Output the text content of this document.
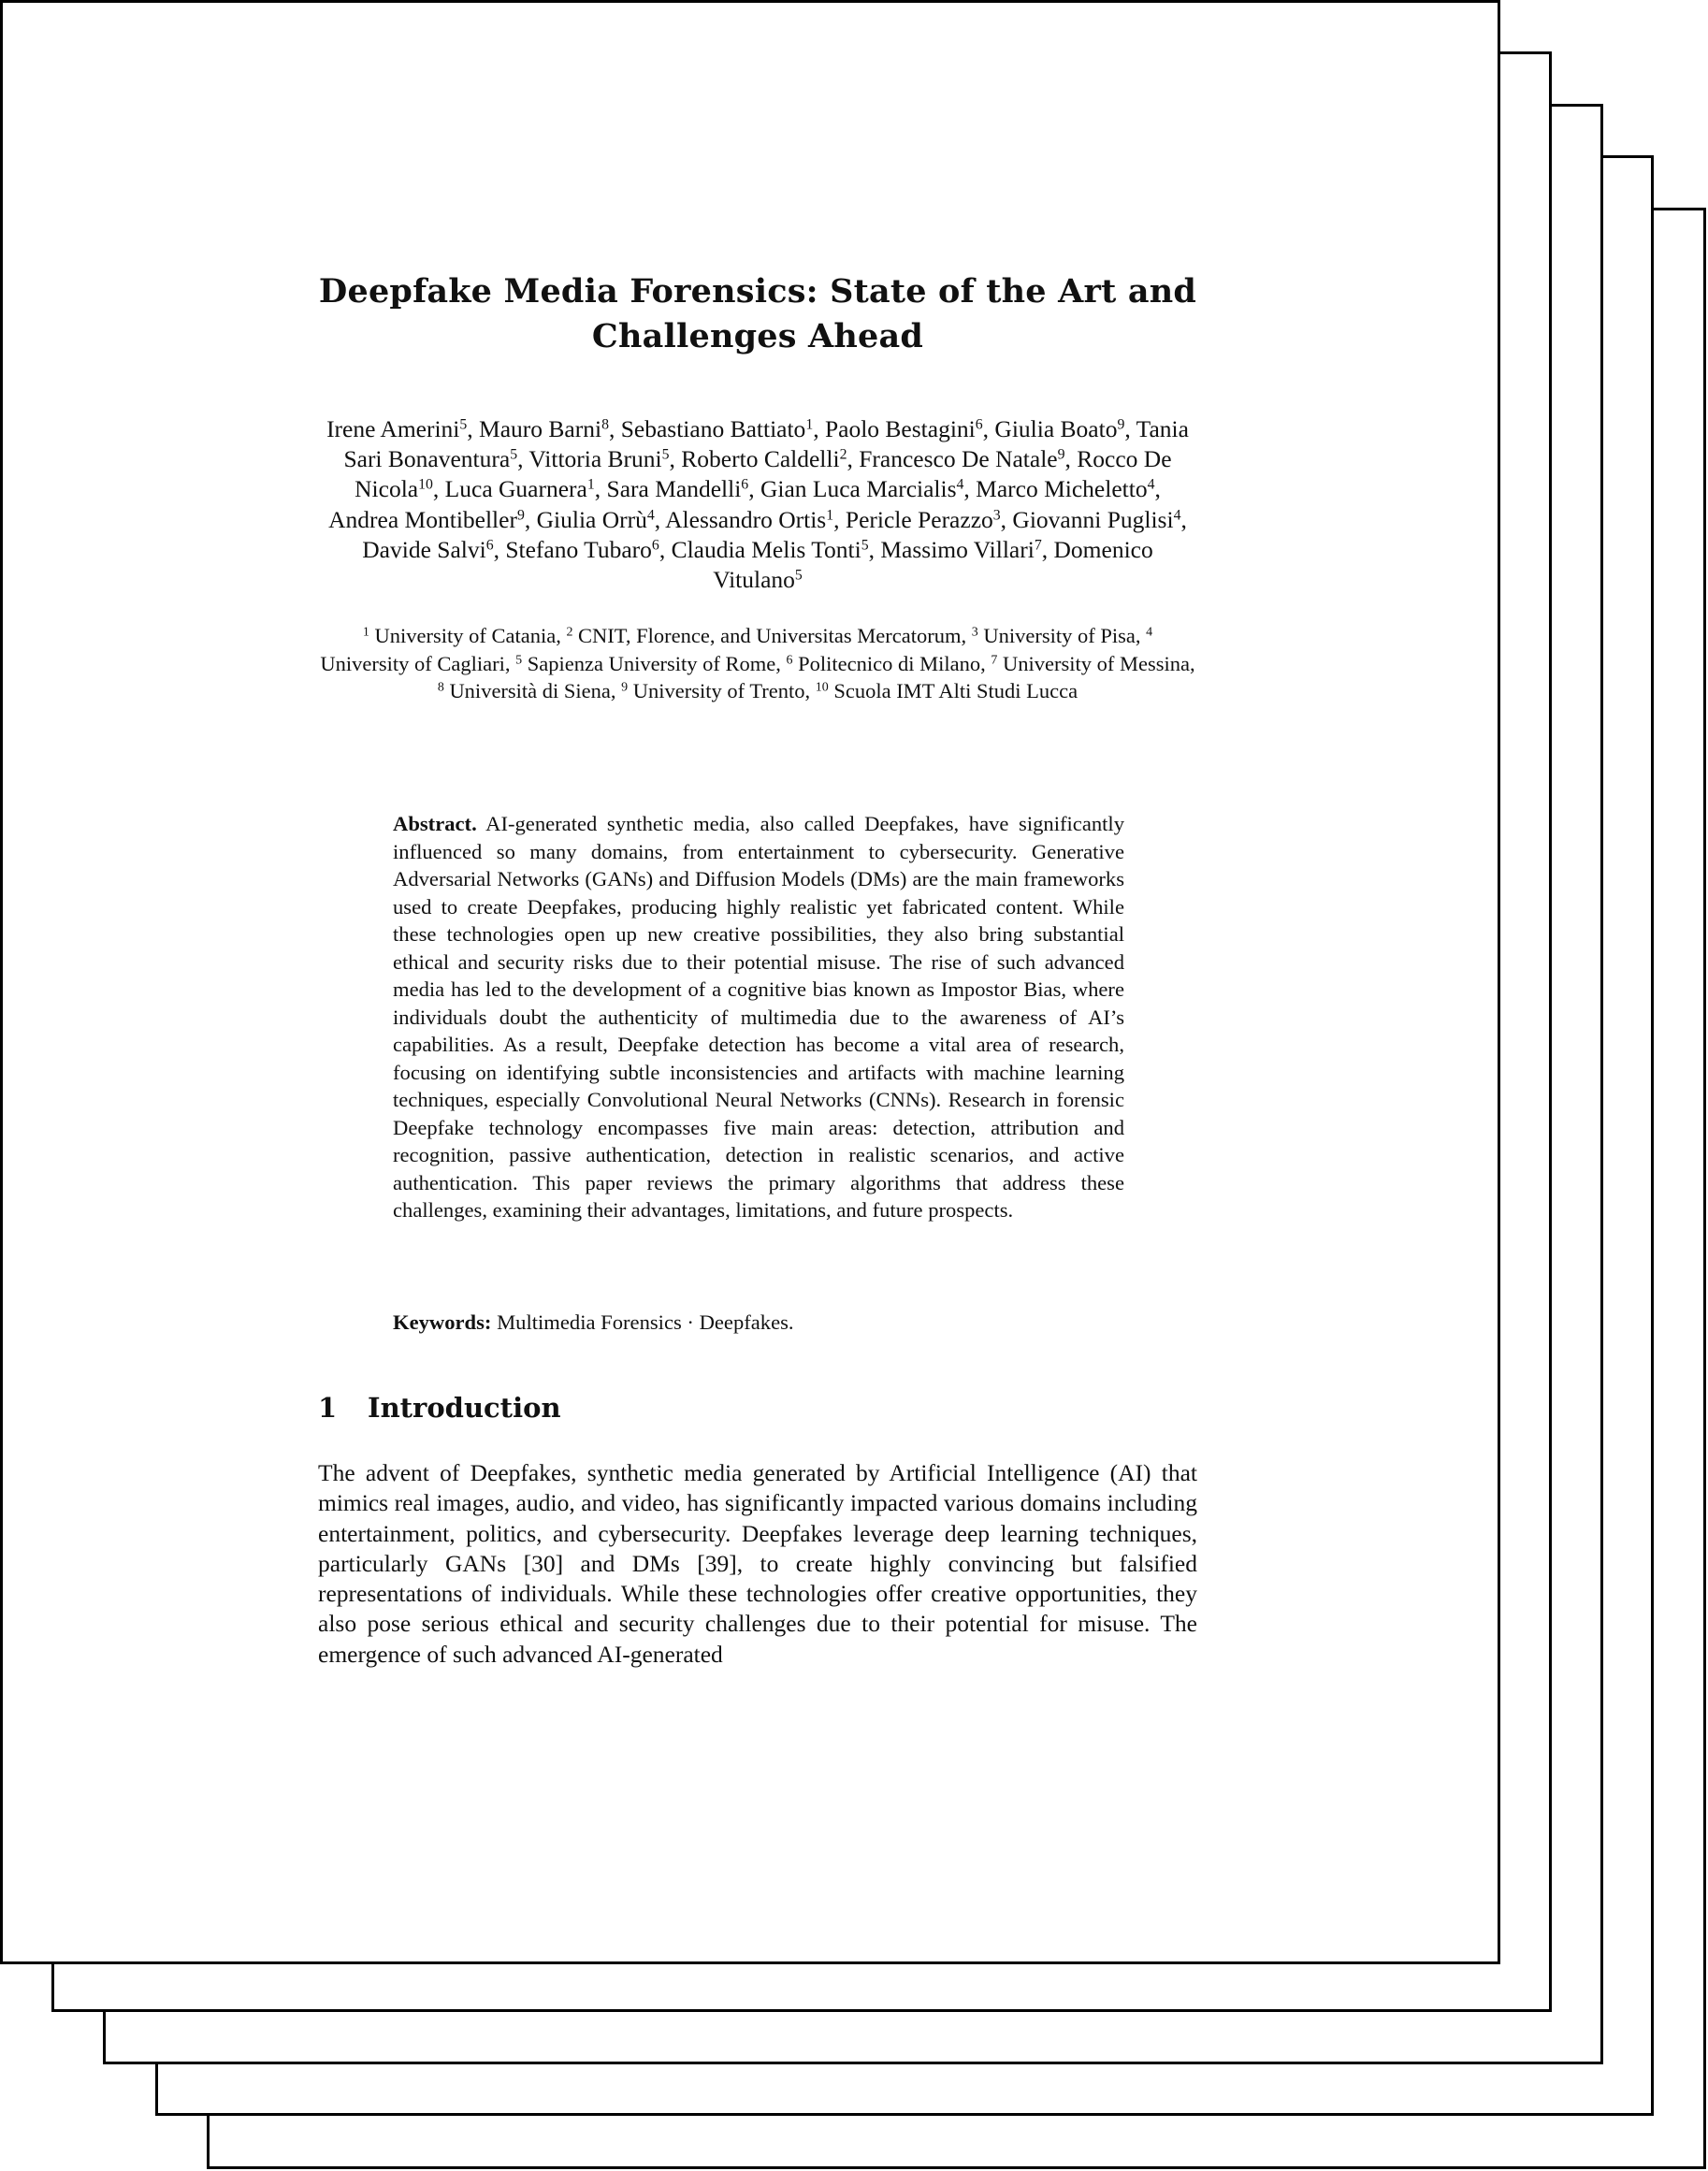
Deepfake Media Forensics: State of the Art and
Challenges Ahead
Irene Amerini$^5$, Mauro Barni$^8$, Sebastiano Battiato$^1$, Paolo Bestagini$^6$, Giulia Boato$^9$, Tania Sari Bonaventura$^5$, Vittoria Bruni$^5$, Roberto Caldelli$^2$, Francesco De Natale$^9$, Rocco De Nicola$^{10}$, Luca Guarnera$^1$, Sara Mandelli$^6$, Gian Luca Marcialis$^4$, Marco Micheletto$^4$, Andrea Montibeller$^9$, Giulia Orrù$^4$, Alessandro Ortis$^1$, Pericle Perazzo$^3$, Giovanni Puglisi$^4$, Davide Salvi$^6$, Stefano Tubaro$^6$, Claudia Melis Tonti$^5$, Massimo Villari$^7$, Domenico Vitulano$^5$
$^1$ University of Catania, $^2$ CNIT, Florence, and Universitas Mercatorum, $^3$ University of Pisa, $^4$ University of Cagliari, $^5$ Sapienza University of Rome, $^6$ Politecnico di Milano, $^7$ University of Messina, $^8$ Università di Siena, $^9$ University of Trento, $^{10}$ Scuola IMT Alti Studi Lucca
Abstract. AI-generated synthetic media, also called Deepfakes, have significantly influenced so many domains, from entertainment to cybersecurity. Generative Adversarial Networks (GANs) and Diffusion Models (DMs) are the main frameworks used to create Deepfakes, producing highly realistic yet fabricated content. While these technologies open up new creative possibilities, they also bring substantial ethical and security risks due to their potential misuse. The rise of such advanced media has led to the development of a cognitive bias known as Impostor Bias, where individuals doubt the authenticity of multimedia due to the awareness of AI’s capabilities. As a result, Deepfake detection has become a vital area of research, focusing on identifying subtle inconsistencies and artifacts with machine learning techniques, especially Convolutional Neural Networks (CNNs). Research in forensic Deepfake technology encompasses five main areas: detection, attribution and recognition, passive authentication, detection in realistic scenarios, and active authentication. This paper reviews the primary algorithms that address these challenges, examining their advantages, limitations, and future prospects.
Keywords: Multimedia Forensics · Deepfakes.
1 Introduction
The advent of Deepfakes, synthetic media generated by Artificial Intelligence (AI) that mimics real images, audio, and video, has significantly impacted various domains including entertainment, politics, and cybersecurity. Deepfakes leverage deep learning techniques, particularly GANs [30] and DMs [39], to create highly convincing but falsified representations of individuals. While these technologies offer creative opportunities, they also pose serious ethical and security challenges due to their potential for misuse. The emergence of such advanced AI-generated
